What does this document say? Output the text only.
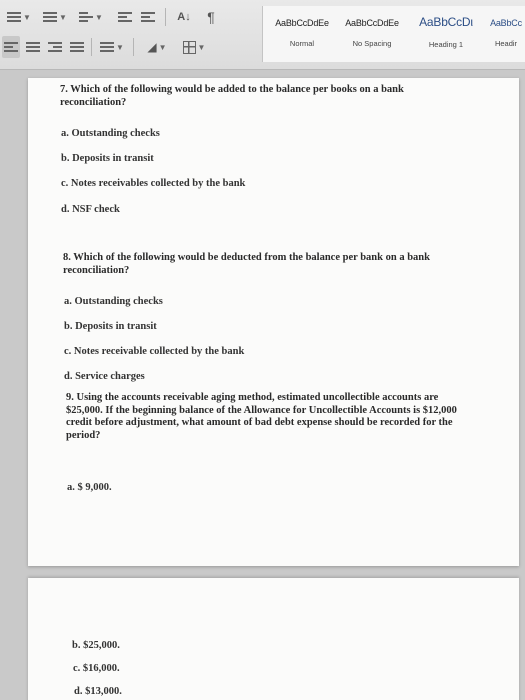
▼	▼	▼	A↓ ¶
▼ ◢ ▼	▼
AaBbCcDdEe
Normal
AaBbCcDdEe
No Spacing
AaBbCcDι
Heading 1
AaBbCc
Headir
7. Which of the following would be added to the balance per books on a bank reconciliation?
a. Outstanding checks
b. Deposits in transit
c. Notes receivables collected by the bank
d. NSF check
8. Which of the following would be deducted from the balance per bank on a bank reconciliation?
a. Outstanding checks
b. Deposits in transit
c. Notes receivable collected by the bank
d. Service charges
9. Using the accounts receivable aging method, estimated uncollectible accounts are $25,000. If the beginning balance of the Allowance for Uncollectible Accounts is $12,000 credit before adjustment, what amount of bad debt expense should be recorded for the period?
a. $ 9,000.
b. $25,000.
c. $16,000.
d. $13,000.
